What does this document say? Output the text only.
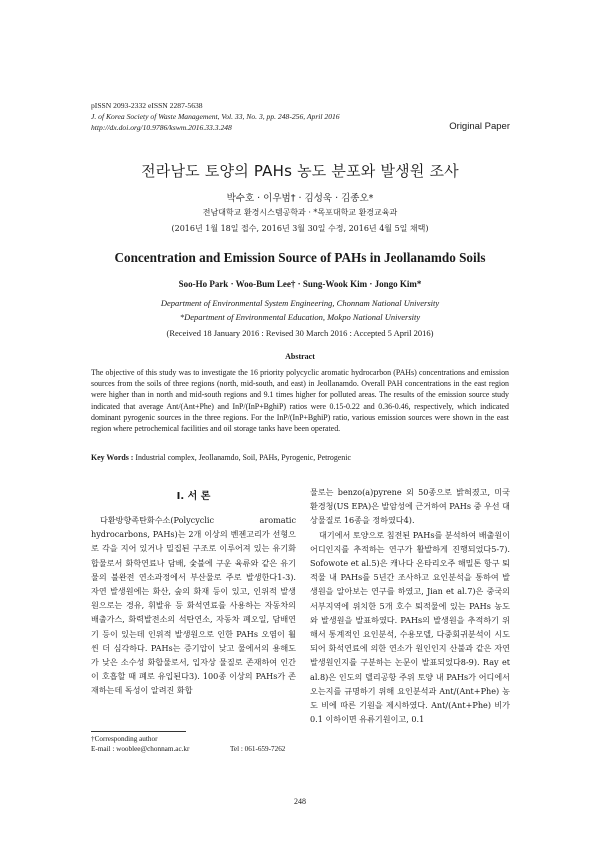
pISSN 2093-2332 eISSN 2287-5638
J. of Korea Society of Waste Management, Vol. 33, No. 3, pp. 248-256, April 2016
http://dx.doi.org/10.9786/kswm.2016.33.3.248	Original Paper
전라남도 토양의 PAHs 농도 분포와 발생원 조사
박수호 · 이우범† · 김성욱 · 김종오*
전남대학교 환경시스템공학과 · *목포대학교 환경교육과
(2016년 1월 18일 접수, 2016년 3월 30일 수정, 2016년 4월 5일 채택)
Concentration and Emission Source of PAHs in Jeollanamdo Soils
Soo-Ho Park · Woo-Bum Lee† · Sung-Wook Kim · Jongo Kim*
Department of Environmental System Engineering, Chonnam National University
*Department of Environmental Education, Mokpo National University
(Received 18 January 2016 : Revised 30 March 2016 : Accepted 5 April 2016)
Abstract
The objective of this study was to investigate the 16 priority polycyclic aromatic hydrocarbon (PAHs) concentrations and emission sources from the soils of three regions (north, mid-south, and east) in Jeollanamdo. Overall PAH concentrations in the east region were higher than in north and mid-south regions and 9.1 times higher for polluted areas. The results of the emission source study indicated that average Ant/(Ant+Phe) and InP/(InP+BghiP) ratios were 0.15-0.22 and 0.36-0.46, respectively, which indicated dominant pyrogenic sources in the three regions. For the InP/(InP+BghiP) ratio, various emission sources were shown in the east region where petrochemical facilities and oil storage tanks have been operated.
Key Words : Industrial complex, Jeollanamdo, Soil, PAHs, Pyrogenic, Petrogenic
I. 서 론

다환방향족탄화수소(Polycyclic aromatic hydrocarbons, PAHs)는 2개 이상의 벤젠고리가 선형으로 각을 지어 있거나 밀집된 구조로 이루어져 있는 유기화합물로서 화학연료나 담배, 숯불에 구운 육류와 같은 유기물의 불완전 연소과정에서 부산물로 주로 발생한다1-3). 자연 발생원에는 화산, 숲의 화재 등이 있고, 인위적 발생원으로는 경유, 휘발유 등 화석연료를 사용하는 자동차의 배출가스, 화력발전소의 석탄연소, 자동차 폐오일, 담배연기 등이 있는데 인위적 발생원으로 인한 PAHs 오염이 훨씬 더 심각하다. PAHs는 증기압이 낮고 물에서의 용해도가 낮은 소수성 화합물로서, 입자상 물질로 존재하여 인간이 호흡할 때 폐로 유입된다3). 100종 이상의 PAHs가 존재하는데 독성이 알려진 화합

물로는 benzo(a)pyrene 외 50종으로 밝혀졌고, 미국 환경청(US EPA)은 발암성에 근거하여 PAHs 중 우선 대상물질로 16종을 정하였다4).

대기에서 토양으로 침전된 PAHs를 분석하여 배출원이 어디인지를 추적하는 연구가 활발하게 진행되었다5-7). Sofowote et al.5)은 캐나다 온타리오주 해밀톤 항구 퇴적물 내 PAHs를 5년간 조사하고 요인분석을 통하여 발생원을 알아보는 연구를 하였고, Jian et al.7)은 중국의 서부지역에 위치한 5개 호수 퇴적물에 있는 PAHs 농도와 발생원을 발표하였다. PAHs의 발생원을 추적하기 위해서 통계적인 요인분석, 수용모델, 다중회귀분석이 시도되어 화석연료에 의한 연소가 원인인지 산불과 같은 자연발생원인지를 구분하는 논문이 발표되었다8-9). Ray et al.8)은 인도의 델리공항 주위 토양 내 PAHs가 어디에서 오는지를 규명하기 위해 요인분석과 Ant/(Ant+Phe) 농도 비에 따른 기원을 제시하였다. Ant/(Ant+Phe) 비가 0.1 이하이면 유류기원이고, 0.1

†Corresponding author
E-mail : wooblee@chonnam.ac.kr	Tel : 061-659-7262
248
